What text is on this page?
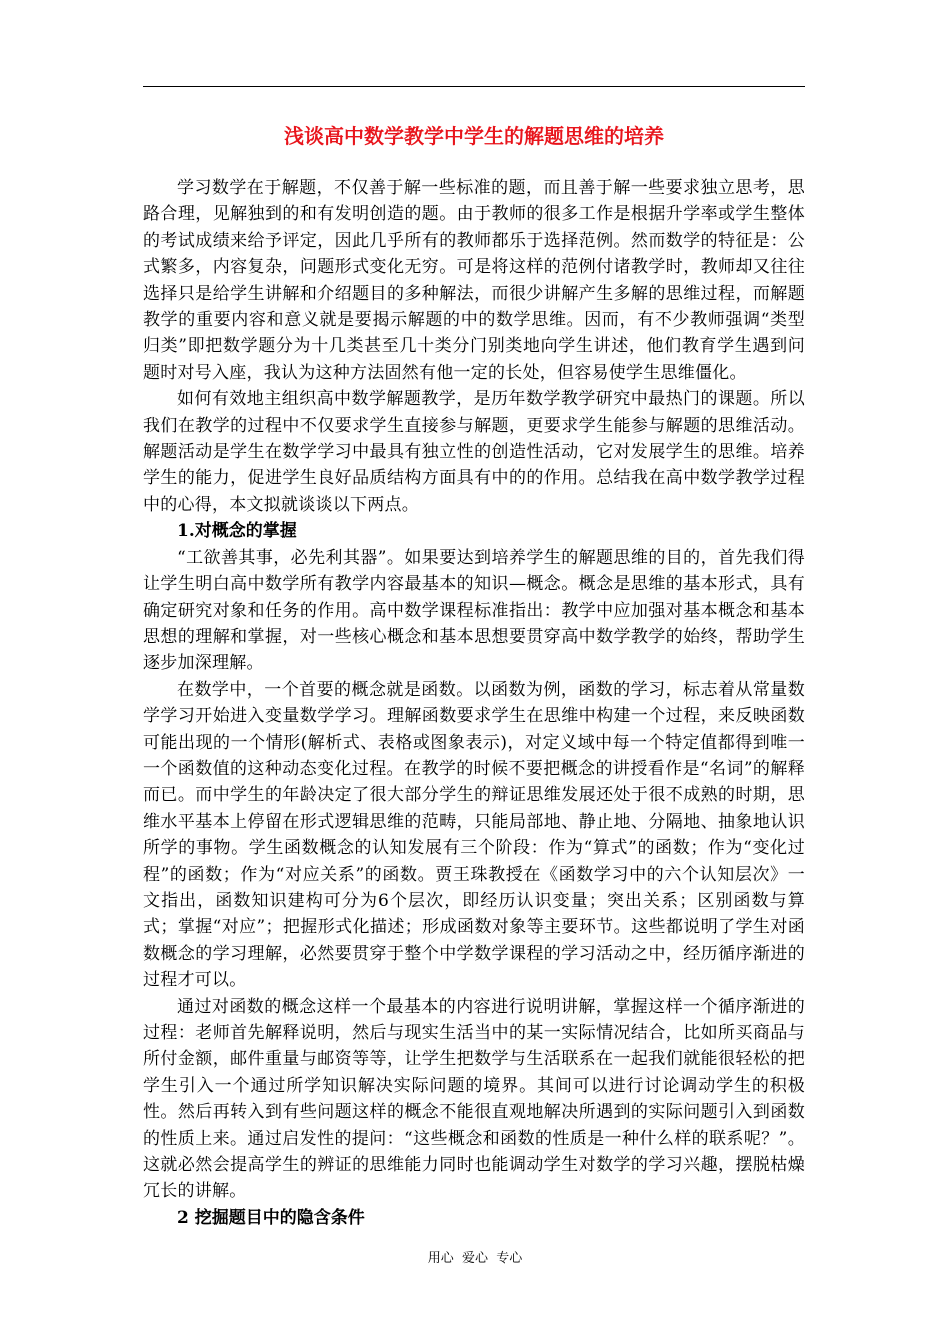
浅谈高中数学教学中学生的解题思维的培养

学习数学在于解题，不仅善于解一些标准的题，而且善于解一些要求独立思考，思路合理，见解独到的和有发明创造的题。由于教师的很多工作是根据升学率或学生整体的考试成绩来给予评定，因此几乎所有的教师都乐于选择范例。然而数学的特征是：公式繁多，内容复杂，问题形式变化无穷。可是将这样的范例付诸教学时，教师却又往往选择只是给学生讲解和介绍题目的多种解法，而很少讲解产生多解的思维过程，而解题教学的重要内容和意义就是要揭示解题的中的数学思维。因而，有不少教师强调“类型归类”即把数学题分为十几类甚至几十类分门别类地向学生讲述，他们教育学生遇到问题时对号入座，我认为这种方法固然有他一定的长处，但容易使学生思维僵化。

如何有效地主组织高中数学解题教学，是历年数学教学研究中最热门的课题。所以我们在教学的过程中不仅要求学生直接参与解题，更要求学生能参与解题的思维活动。解题活动是学生在数学学习中最具有独立性的创造性活动，它对发展学生的思维。培养学生的能力，促进学生良好品质结构方面具有中的的作用。总结我在高中数学教学过程中的心得，本文拟就谈谈以下两点。

1.对概念的掌握

“工欲善其事，必先利其器”。如果要达到培养学生的解题思维的目的，首先我们得让学生明白高中数学所有教学内容最基本的知识—概念。概念是思维的基本形式，具有确定研究对象和任务的作用。高中数学课程标准指出：教学中应加强对基本概念和基本思想的理解和掌握，对一些核心概念和基本思想要贯穿高中数学教学的始终，帮助学生逐步加深理解。

在数学中，一个首要的概念就是函数。以函数为例，函数的学习，标志着从常量数学学习开始进入变量数学学习。理解函数要求学生在思维中构建一个过程，来反映函数可能出现的一个情形(解析式、表格或图象表示)，对定义域中每一个特定值都得到唯一一个函数值的这种动态变化过程。在教学的时候不要把概念的讲授看作是“名词”的解释而已。而中学生的年龄决定了很大部分学生的辩证思维发展还处于很不成熟的时期，思维水平基本上停留在形式逻辑思维的范畴，只能局部地、静止地、分隔地、抽象地认识所学的事物。学生函数概念的认知发展有三个阶段：作为“算式”的函数；作为“变化过程”的函数；作为“对应关系”的函数。贾王珠教授在《函数学习中的六个认知层次》一文指出，函数知识建构可分为6个层次，即经历认识变量；突出关系；区别函数与算式；掌握“对应”；把握形式化描述；形成函数对象等主要环节。这些都说明了学生对函数概念的学习理解，必然要贯穿于整个中学数学课程的学习活动之中，经历循序渐进的过程才可以。

通过对函数的概念这样一个最基本的内容进行说明讲解，掌握这样一个循序渐进的过程：老师首先解释说明，然后与现实生活当中的某一实际情况结合，比如所买商品与所付金额，邮件重量与邮资等等，让学生把数学与生活联系在一起我们就能很轻松的把学生引入一个通过所学知识解决实际问题的境界。其间可以进行讨论调动学生的积极性。然后再转入到有些问题这样的概念不能很直观地解决所遇到的实际问题引入到函数的性质上来。通过启发性的提问：“这些概念和函数的性质是一种什么样的联系呢？”。这就必然会提高学生的辨证的思维能力同时也能调动学生对数学的学习兴趣，摆脱枯燥冗长的讲解。

2 挖掘题目中的隐含条件
用心  爱心  专心
